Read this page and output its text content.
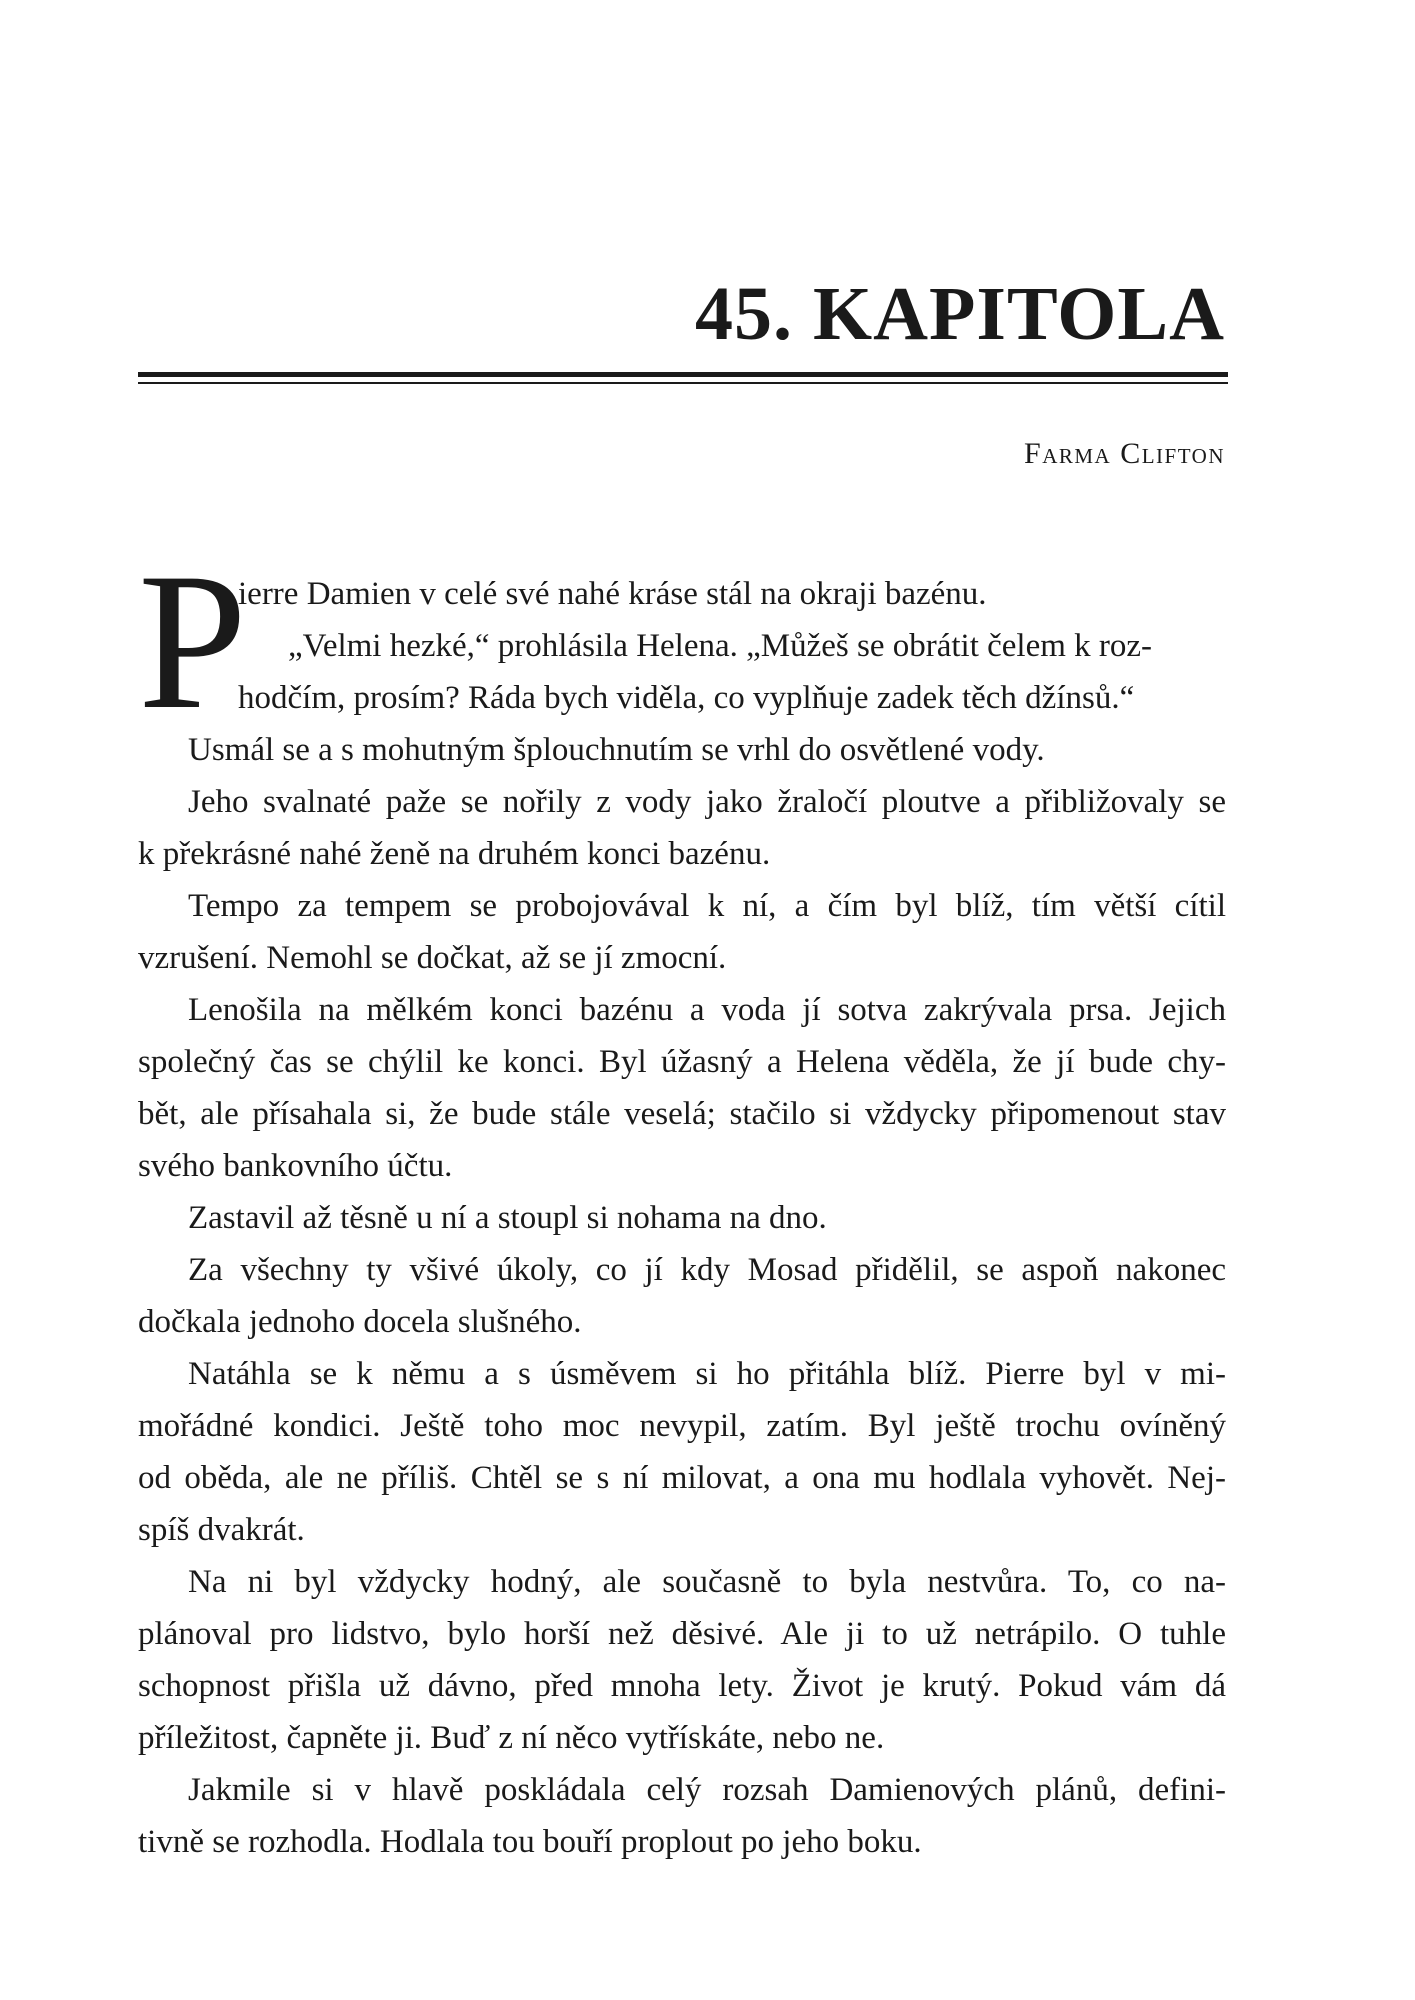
45. KAPITOLA

Farma Clifton

P
ierre Damien v celé své nahé kráse stál na okraji bazénu.
„Velmi hezké,“ prohlásila Helena. „Můžeš se obrátit čelem k roz-
hodčím, prosím? Ráda bych viděla, co vyplňuje zadek těch džínsů.“
Usmál se a s mohutným šplouchnutím se vrhl do osvětlené vody.
Jeho svalnaté paže se nořily z vody jako žraločí ploutve a přibližovaly se
k překrásné nahé ženě na druhém konci bazénu.
Tempo za tempem se probojovával k ní, a čím byl blíž, tím větší cítil
vzrušení. Nemohl se dočkat, až se jí zmocní.
Lenošila na mělkém konci bazénu a voda jí sotva zakrývala prsa. Jejich
společný čas se chýlil ke konci. Byl úžasný a Helena věděla, že jí bude chy-
bět, ale přísahala si, že bude stále veselá; stačilo si vždycky připomenout stav
svého bankovního účtu.
Zastavil až těsně u ní a stoupl si nohama na dno.
Za všechny ty všivé úkoly, co jí kdy Mosad přidělil, se aspoň nakonec
dočkala jednoho docela slušného.
Natáhla se k němu a s úsměvem si ho přitáhla blíž. Pierre byl v mi-
mořádné kondici. Ještě toho moc nevypil, zatím. Byl ještě trochu ovíněný
od oběda, ale ne příliš. Chtěl se s ní milovat, a ona mu hodlala vyhovět. Nej-
spíš dvakrát.
Na ni byl vždycky hodný, ale současně to byla nestvůra. To, co na-
plánoval pro lidstvo, bylo horší než děsivé. Ale ji to už netrápilo. O tuhle
schopnost přišla už dávno, před mnoha lety. Život je krutý. Pokud vám dá
příležitost, čapněte ji. Buď z ní něco vytřískáte, nebo ne.
Jakmile si v hlavě poskládala celý rozsah Damienových plánů, defini-
tivně se rozhodla. Hodlala tou bouří proplout po jeho boku.
